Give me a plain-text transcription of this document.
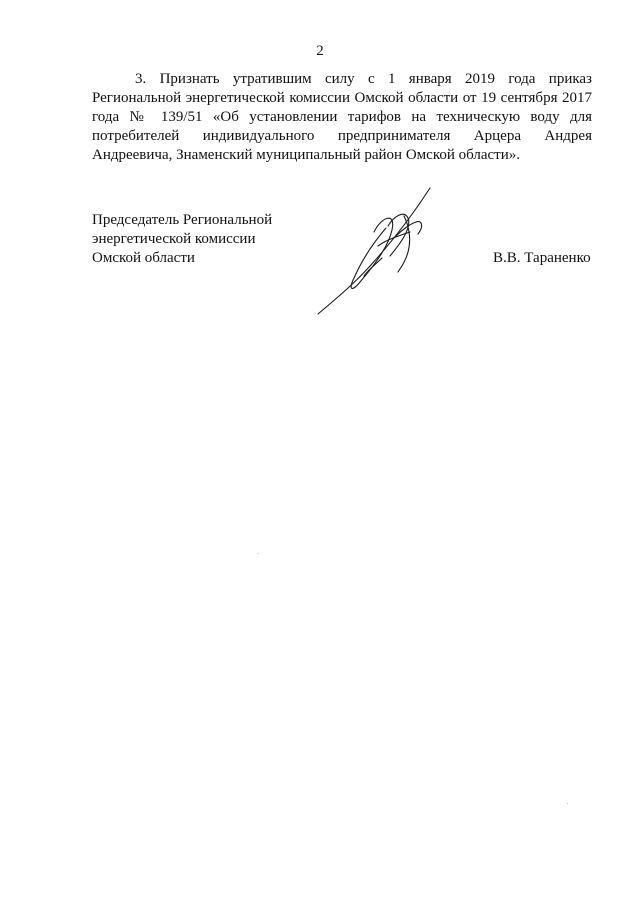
2
3. Признать утратившим силу с 1 января 2019 года приказ
Региональной энергетической комиссии Омской области от 19 сентября 2017
года № 139/51 «Об установлении тарифов на техническую воду для
потребителей индивидуального предпринимателя Арцера Андрея
Андреевича, Знаменский муниципальный район Омской области».
Председатель Региональной
энергетической комиссии
Омской области	В.В. Тараненко
